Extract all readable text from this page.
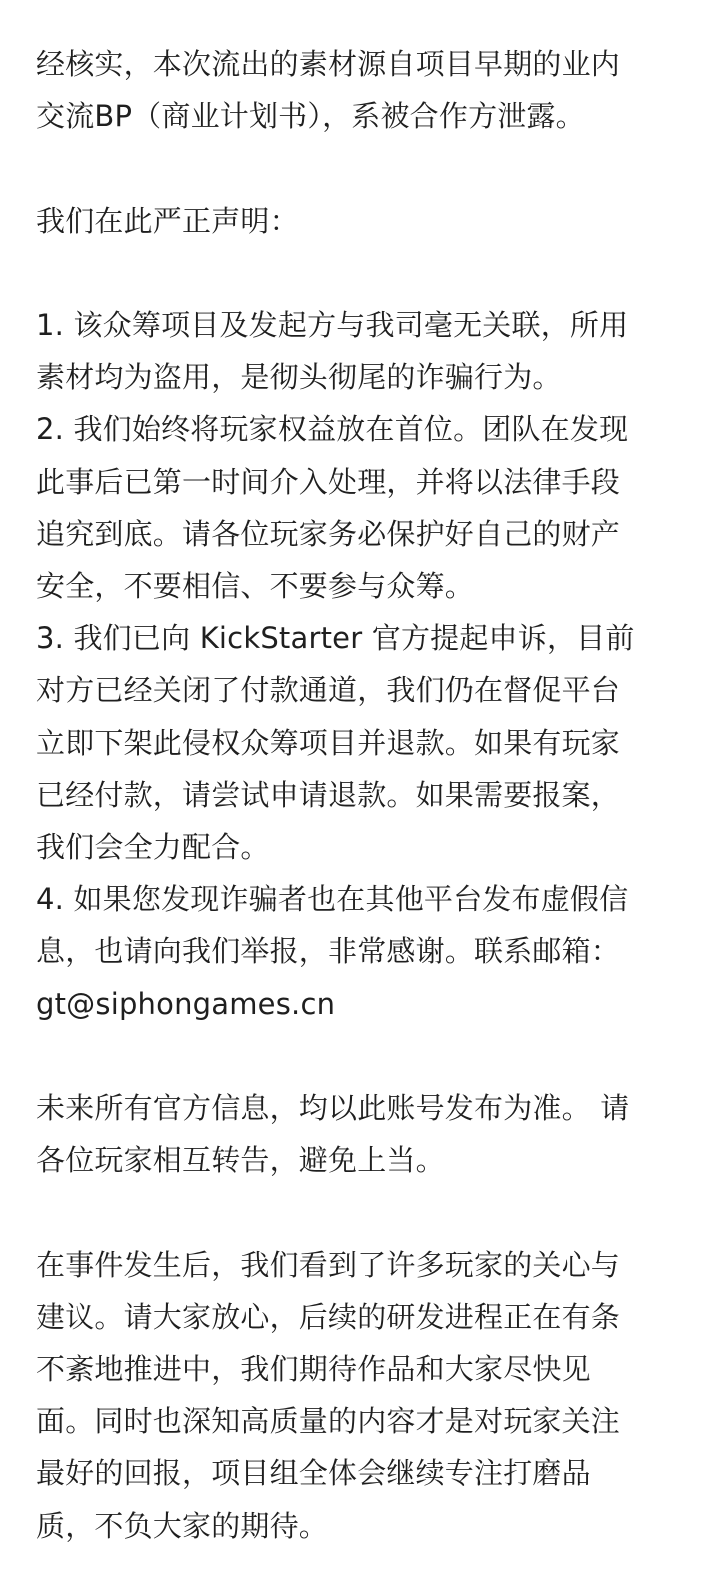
经核实，本次流出的素材源自项目早期的业内
交流BP（商业计划书），系被合作方泄露。

我们在此严正声明：

1. 该众筹项目及发起方与我司毫无关联，所用
素材均为盗用，是彻头彻尾的诈骗行为。

2. 我们始终将玩家权益放在首位。团队在发现
此事后已第一时间介入处理，并将以法律手段
追究到底。请各位玩家务必保护好自己的财产
安全，不要相信、不要参与众筹。

3. 我们已向 KickStarter 官方提起申诉，目前
对方已经关闭了付款通道，我们仍在督促平台
立即下架此侵权众筹项目并退款。如果有玩家
已经付款，请尝试申请退款。如果需要报案，
我们会全力配合。

4. 如果您发现诈骗者也在其他平台发布虚假信
息，也请向我们举报，非常感谢。联系邮箱：
gt@siphongames.cn

未来所有官方信息，均以此账号发布为准。 请
各位玩家相互转告，避免上当。

在事件发生后，我们看到了许多玩家的关心与
建议。请大家放心，后续的研发进程正在有条
不紊地推进中，我们期待作品和大家尽快见
面。同时也深知高质量的内容才是对玩家关注
最好的回报，项目组全体会继续专注打磨品
质，不负大家的期待。
